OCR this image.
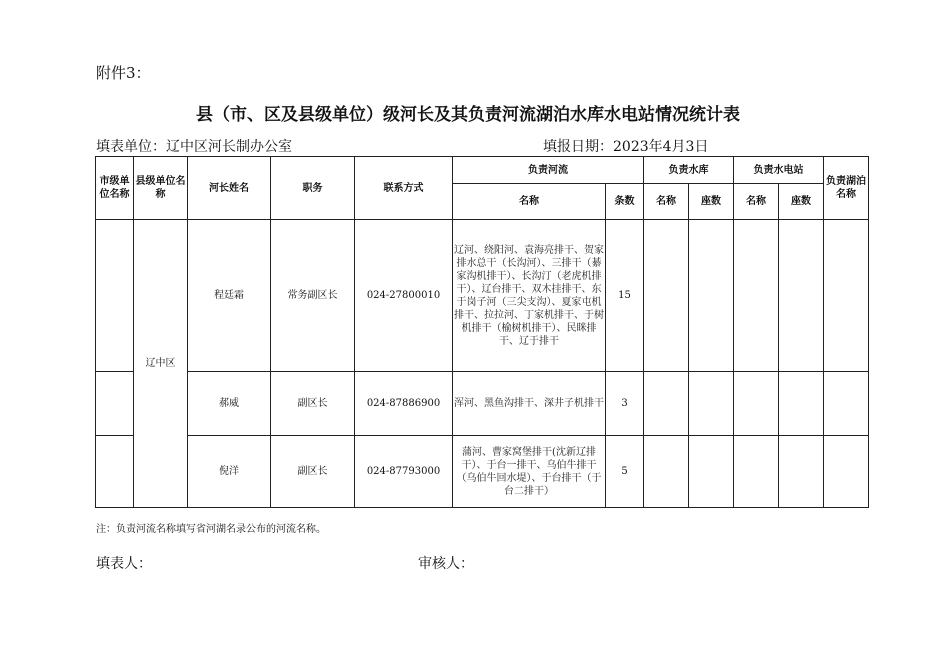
附件3：
县（市、区及县级单位）级河长及其负责河流湖泊水库水电站情况统计表
填表单位：辽中区河长制办公室	填报日期：2023年4月3日
市级单位名称	县级单位名称	河长姓名	职务	联系方式	负责河流		负责水库		负责水电站		负责湖泊名称
					名称	条数	名称	座数	名称	座数	
	辽中区	程廷霜	常务副区长	024-27800010	辽河、绕阳河、袁海亮排干、贺家排水总干（长沟河）、三排干（綦家沟机排干）、长沟汀（老虎机排干）、辽台排干、双木挂排干、东于岗子河（三尖支沟）、夏家屯机排干、拉拉河、丁家机排干、于树机排干（榆树机排干）、民眯排干、辽于排干	15					
		郝威	副区长	024-87886900	浑河、黑鱼沟排干、深井子机排干	3					
		倪洋	副区长	024-87793000	蒲河、曹家窝堡排干(沈新辽排干）、于台一排干、乌伯牛排干（乌伯牛回水堤）、于台排干（于台二排干）	5					
注：负责河流名称填写省河湖名录公布的河流名称。
填表人：	审核人：
